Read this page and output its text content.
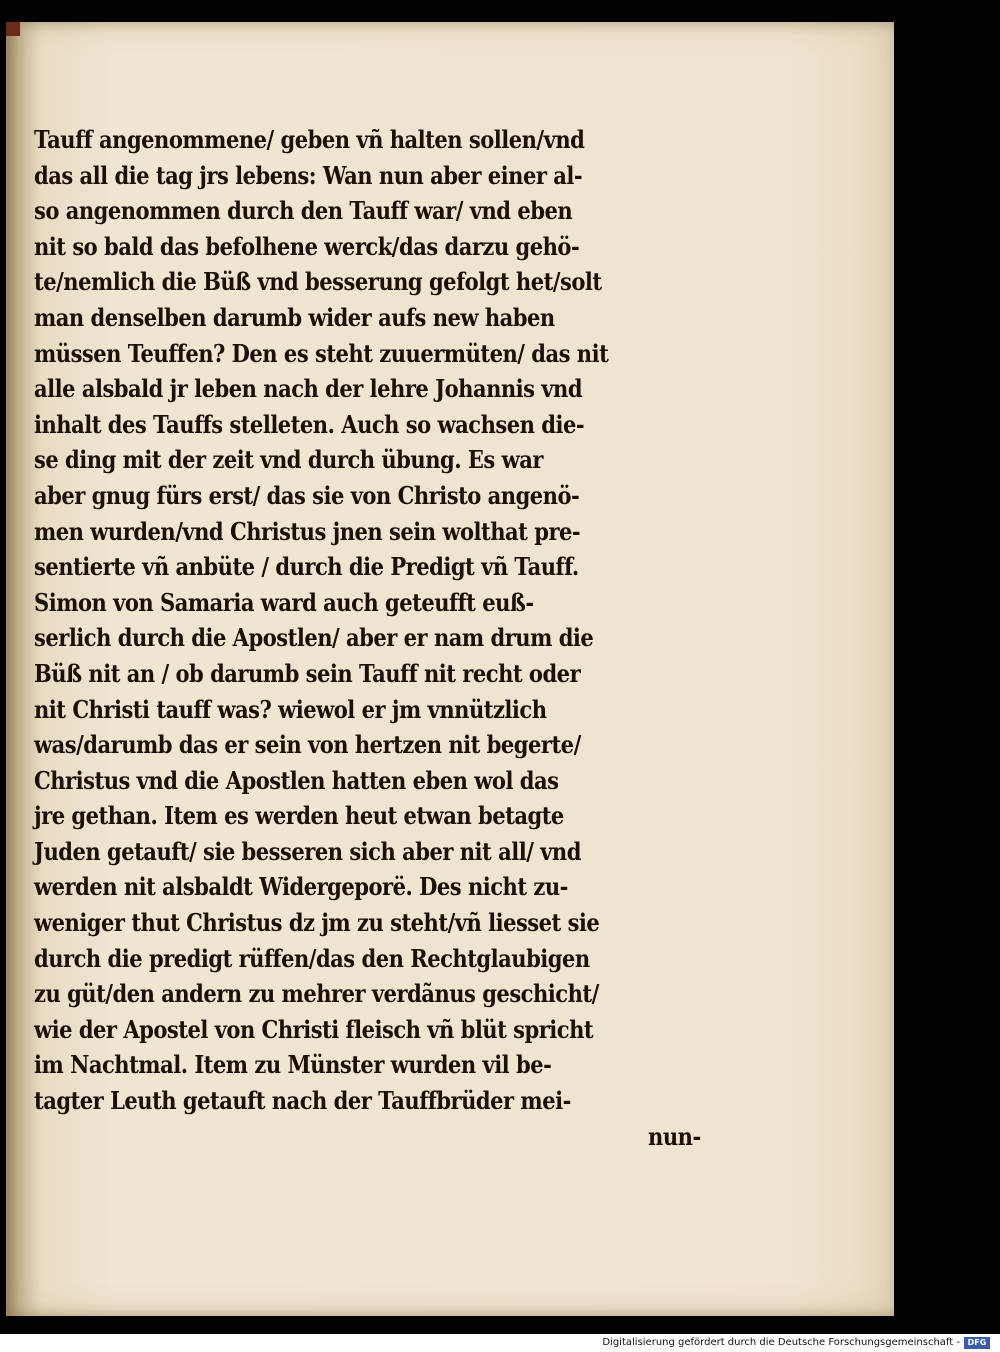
Tauff angenommene/ geben vñ halten sollen/vnd
das all die tag jrs lebens: Wan nun aber einer al-
so angenommen durch den Tauff war/ vnd eben
nit so bald das befolhene werck/das darzu gehö-
te/nemlich die Büß vnd besserung gefolgt het/solt
man denselben darumb wider aufs new haben
müssen Teuffen? Den es steht zuuermüten/ das nit
alle alsbald jr leben nach der lehre Johannis vnd
inhalt des Tauffs stelleten. Auch so wachsen die-
se ding mit der zeit vnd durch übung. Es war
aber gnug fürs erst/ das sie von Christo angenö-
men wurden/vnd Christus jnen sein wolthat pre-
sentierte vñ anbüte / durch die Predigt vñ Tauff.
Simon von Samaria ward auch geteufft euß-
serlich durch die Apostlen/ aber er nam drum die
Büß nit an / ob darumb sein Tauff nit recht oder
nit Christi tauff was? wiewol er jm vnnützlich
was/darumb das er sein von hertzen nit begerte/
Christus vnd die Apostlen hatten eben wol das
jre gethan. Item es werden heut etwan betagte
Juden getauft/ sie besseren sich aber nit all/ vnd
werden nit alsbaldt Widergeporë. Des nicht zu-
weniger thut Christus dz jm zu steht/vñ liesset sie
durch die predigt rüffen/das den Rechtglaubigen
zu güt/den andern zu mehrer verdãnus geschicht/
wie der Apostel von Christi fleisch vñ blüt spricht
im Nachtmal. Item zu Münster wurden vil be-
tagter Leuth getauft nach der Tauffbrüder mei-
nun-
Digitalisierung gefördert durch die Deutsche Forschungsgemeinschaft - DFG
